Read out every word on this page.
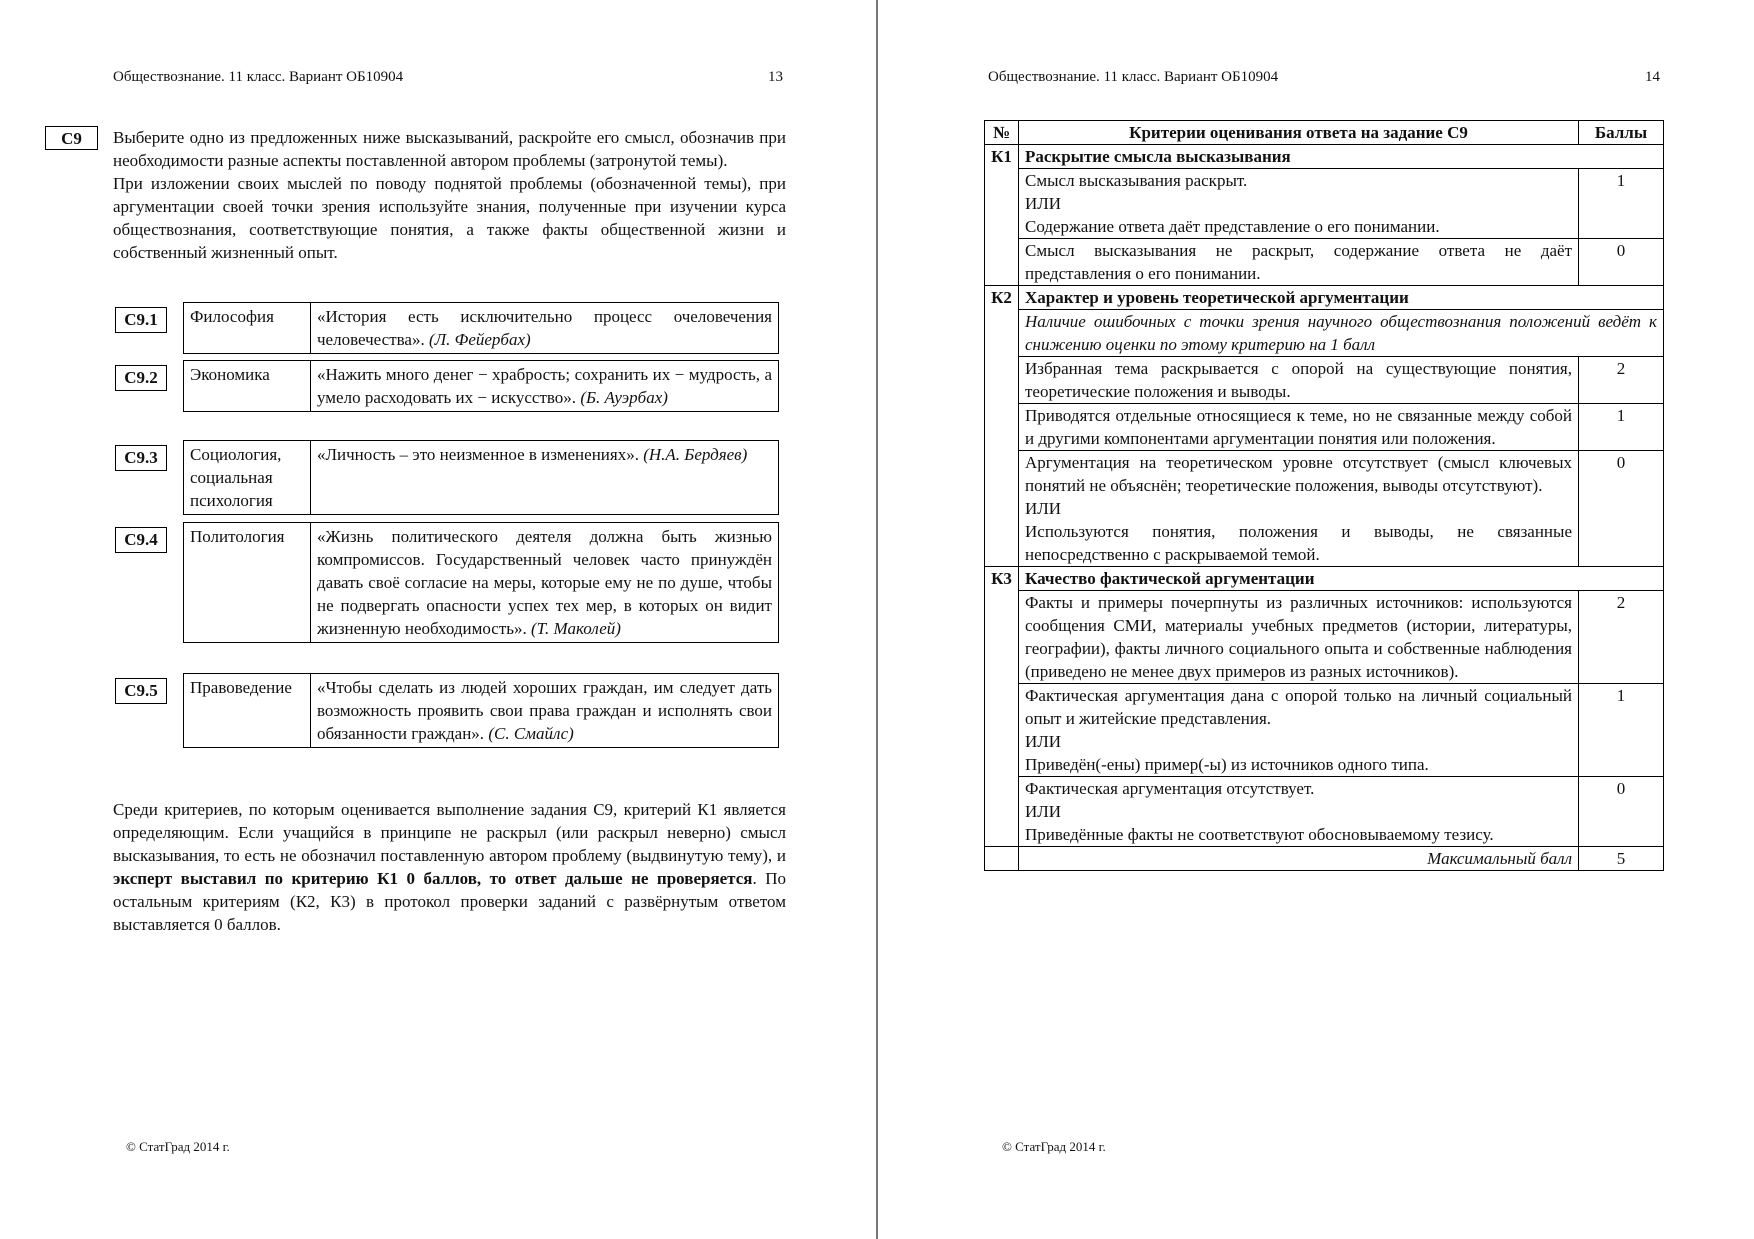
Обществознание. 11 класс. Вариант ОБ10904	13
С9	Выберите одно из предложенных ниже высказываний, раскройте его смысл, обозначив при необходимости разные аспекты поставленной автором проблемы (затронутой темы).

При изложении своих мыслей по поводу поднятой проблемы (обозначенной темы), при аргументации своей точки зрения используйте знания, полученные при изучении курса обществознания, соответствующие понятия, а также факты общественной жизни и собственный жизненный опыт.

С9.1	Философия	«История есть исключительно процесс очеловечения человечества». (Л. Фейербах)
С9.2	Экономика	«Нажить много денег − храбрость; сохранить их − мудрость, а умело расходовать их − искусство». (Б. Ауэрбах)
С9.3	Социология, социальная психология	«Личность – это неизменное в изменениях». (Н.А. Бердяев)
С9.4	Политология	«Жизнь политического деятеля должна быть жизнью компромиссов. Государственный человек часто принуждён давать своё согласие на меры, которые ему не по душе, чтобы не подвергать опасности успех тех мер, в которых он видит жизненную необходимость». (Т. Маколей)
С9.5	Правоведение	«Чтобы сделать из людей хороших граждан, им следует дать возможность проявить свои права граждан и исполнять свои обязанности граждан». (С. Смайлс)
Среди критериев, по которым оценивается выполнение задания С9, критерий К1 является определяющим. Если учащийся в принципе не раскрыл (или раскрыл неверно) смысл высказывания, то есть не обозначил поставленную автором проблему (выдвинутую тему), и эксперт выставил по критерию К1 0 баллов, то ответ дальше не проверяется. По остальным критериям (К2, К3) в протокол проверки заданий с развёрнутым ответом выставляется 0 баллов.
© СтатГрад 2014 г.
Обществознание. 11 класс. Вариант ОБ10904	14
№	Критерии оценивания ответа на задание С9	Баллы
К1	Раскрытие смысла высказывания	

	Смысл высказывания раскрыт.
ИЛИ
Содержание ответа даёт представление о его понимании.	1
	Смысл высказывания не раскрыт, содержание ответа не даёт представления о его понимании.	0
К2	Характер и уровень теоретической аргументации	
	Наличие ошибочных с точки зрения научного обществознания положений ведёт к снижению оценки по этому критерию на 1 балл	
	Избранная тема раскрывается с опорой на существующие понятия, теоретические положения и выводы.	2
	Приводятся отдельные относящиеся к теме, но не связанные между собой и другими компонентами аргументации понятия или положения.	1

	Аргументация на теоретическом уровне отсутствует (смысл ключевых понятий не объяснён; теоретические положения, выводы отсутствуют).
ИЛИ
Используются понятия, положения и выводы, не связанные непосредственно с раскрываемой темой.	0
К3	Качество фактической аргументации	
	Факты и примеры почерпнуты из различных источников: используются сообщения СМИ, материалы учебных предметов (истории, литературы, географии), факты личного социального опыта и собственные наблюдения (приведено не менее двух примеров из разных источников).	2

	Фактическая аргументация дана с опорой только на личный социальный опыт и житейские представления.
ИЛИ
Приведён(-ены) пример(-ы) из источников одного типа.	1

	Фактическая аргументация отсутствует.
ИЛИ
Приведённые факты не соответствуют обосновываемому тезису.	0
	Максимальный балл	5
© СтатГрад 2014 г.
